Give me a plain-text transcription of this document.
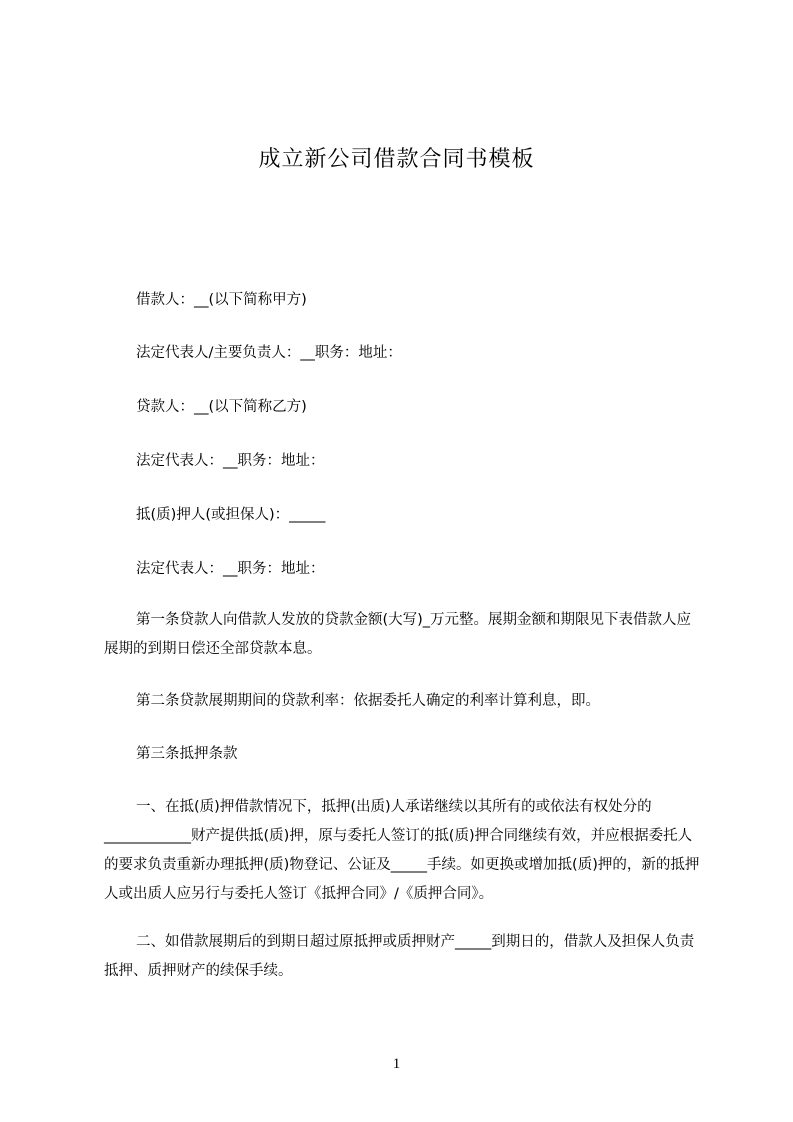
成立新公司借款合同书模板

借款人：__(以下简称甲方)

法定代表人/主要负责人：__职务：地址：

贷款人：__(以下简称乙方)

法定代表人：__职务：地址：

抵(质)押人(或担保人)：_____

法定代表人：__职务：地址：

第一条贷款人向借款人发放的贷款金额(大写)_万元整。展期金额和期限见下表借款人应展期的到期日偿还全部贷款本息。

第二条贷款展期期间的贷款利率：依据委托人确定的利率计算利息，即。

第三条抵押条款

一、在抵(质)押借款情况下，抵押(出质)人承诺继续以其所有的或依法有权处分的____________财产提供抵(质)押，原与委托人签订的抵(质)押合同继续有效，并应根据委托人的要求负责重新办理抵押(质)物登记、公证及_____手续。如更换或增加抵(质)押的，新的抵押人或出质人应另行与委托人签订《抵押合同》/《质押合同》。

二、如借款展期后的到期日超过原抵押或质押财产_____到期日的，借款人及担保人负责抵押、质押财产的续保手续。

1
